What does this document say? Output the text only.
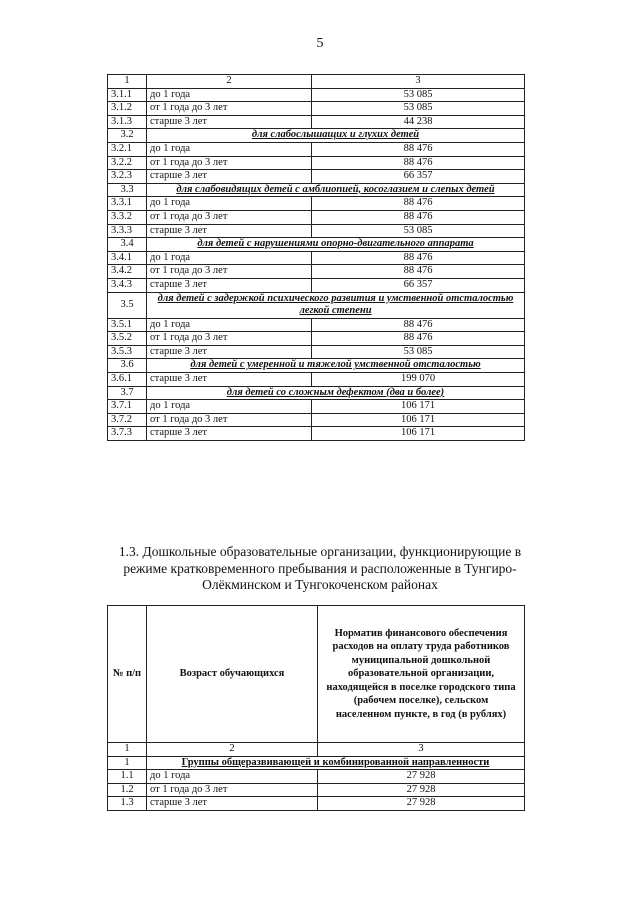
5
1	2	3
3.1.1	до 1 года	53 085
3.1.2	от 1 года до 3 лет	53 085
3.1.3	старше 3 лет	44 238
3.2	для слабослышащих и глухих детей	
3.2.1	до 1 года	88 476
3.2.2	от 1 года до 3 лет	88 476
3.2.3	старше 3 лет	66 357
3.3	для слабовидящих детей с амблиопией, косоглазием и слепых детей	
3.3.1	до 1 года	88 476
3.3.2	от 1 года до 3 лет	88 476
3.3.3	старше 3 лет	53 085
3.4	для детей с нарушениями опорно-двигательного аппарата	
3.4.1	до 1 года	88 476
3.4.2	от 1 года до 3 лет	88 476
3.4.3	старше 3 лет	66 357
3.5	для детей с задержкой психического развития и умственной отсталостью легкой степени	
3.5.1	до 1 года	88 476
3.5.2	от 1 года до 3 лет	88 476
3.5.3	старше 3 лет	53 085
3.6	для детей с умеренной и тяжелой умственной отсталостью	
3.6.1	старше 3 лет	199 070
3.7	для детей со сложным дефектом (два и более)	
3.7.1	до 1 года	106 171
3.7.2	от 1 года до 3 лет	106 171
3.7.3	старше 3 лет	106 171
1.3. Дошкольные образовательные организации, функционирующие в режиме кратковременного пребывания и расположенные в Тунгиро-Олёкминском и Тунгокоченском районах
№ п/п	Возраст обучающихся	Норматив финансового обеспечения расходов на оплату труда работников муниципальной дошкольной образовательной организации, находящейся в поселке городского типа (рабочем поселке), сельском населенном пункте, в год (в рублях)
1	2	3
1	Группы общеразвивающей и комбинированной направленности	
1.1	до 1 года	27 928
1.2	от 1 года до 3 лет	27 928
1.3	старше 3 лет	27 928
